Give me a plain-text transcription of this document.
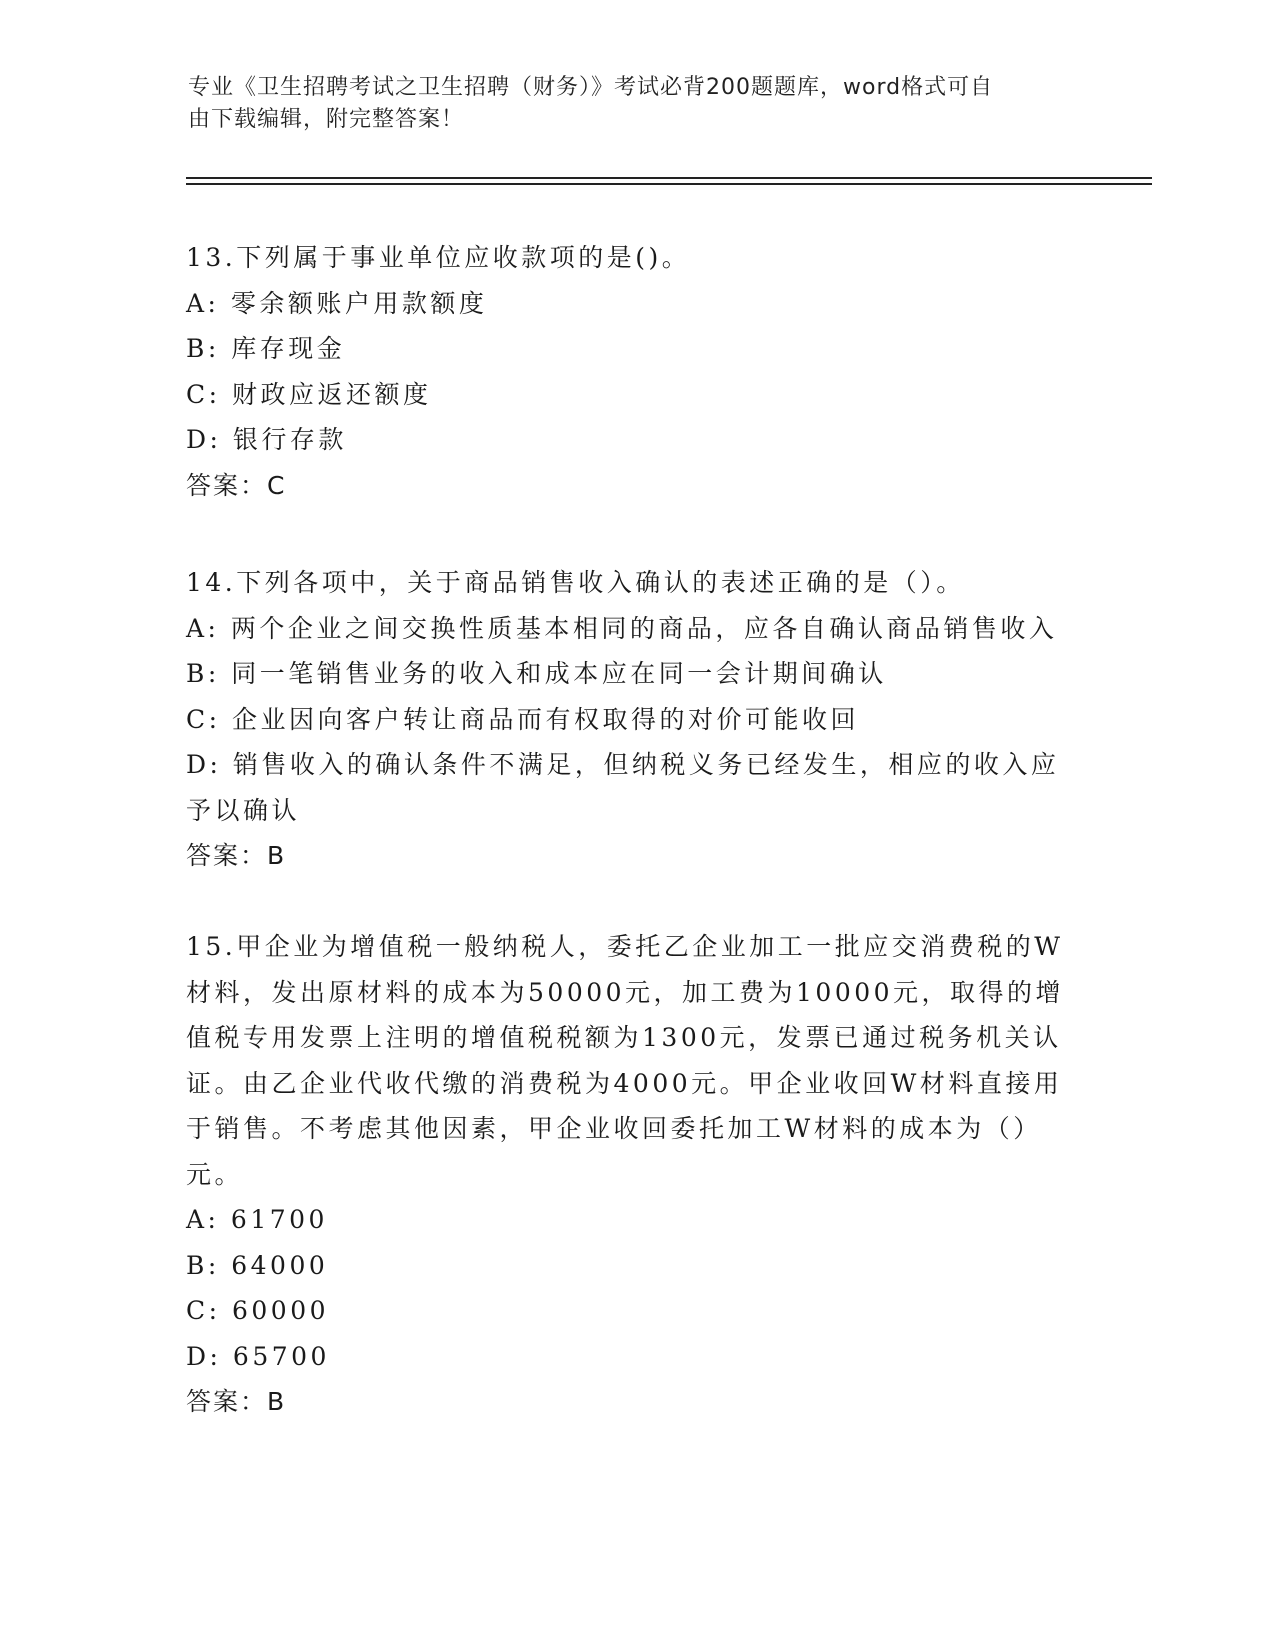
专业《卫生招聘考试之卫生招聘（财务）》考试必背200题题库，word格式可自
由下载编辑，附完整答案！
13.下列属于事业单位应收款项的是()。
A: 零余额账户用款额度
B: 库存现金
C: 财政应返还额度
D: 银行存款
答案：C
14.下列各项中，关于商品销售收入确认的表述正确的是（）。
A: 两个企业之间交换性质基本相同的商品，应各自确认商品销售收入
B: 同一笔销售业务的收入和成本应在同一会计期间确认
C: 企业因向客户转让商品而有权取得的对价可能收回
D: 销售收入的确认条件不满足，但纳税义务已经发生，相应的收入应予以确认
答案：B
15.甲企业为增值税一般纳税人，委托乙企业加工一批应交消费税的W材料，发出原材料的成本为50000元，加工费为10000元，取得的增值税专用发票上注明的增值税税额为1300元，发票已通过税务机关认证。由乙企业代收代缴的消费税为4000元。甲企业收回W材料直接用于销售。不考虑其他因素，甲企业收回委托加工W材料的成本为（）元。
A: 61700
B: 64000
C: 60000
D: 65700
答案：B
